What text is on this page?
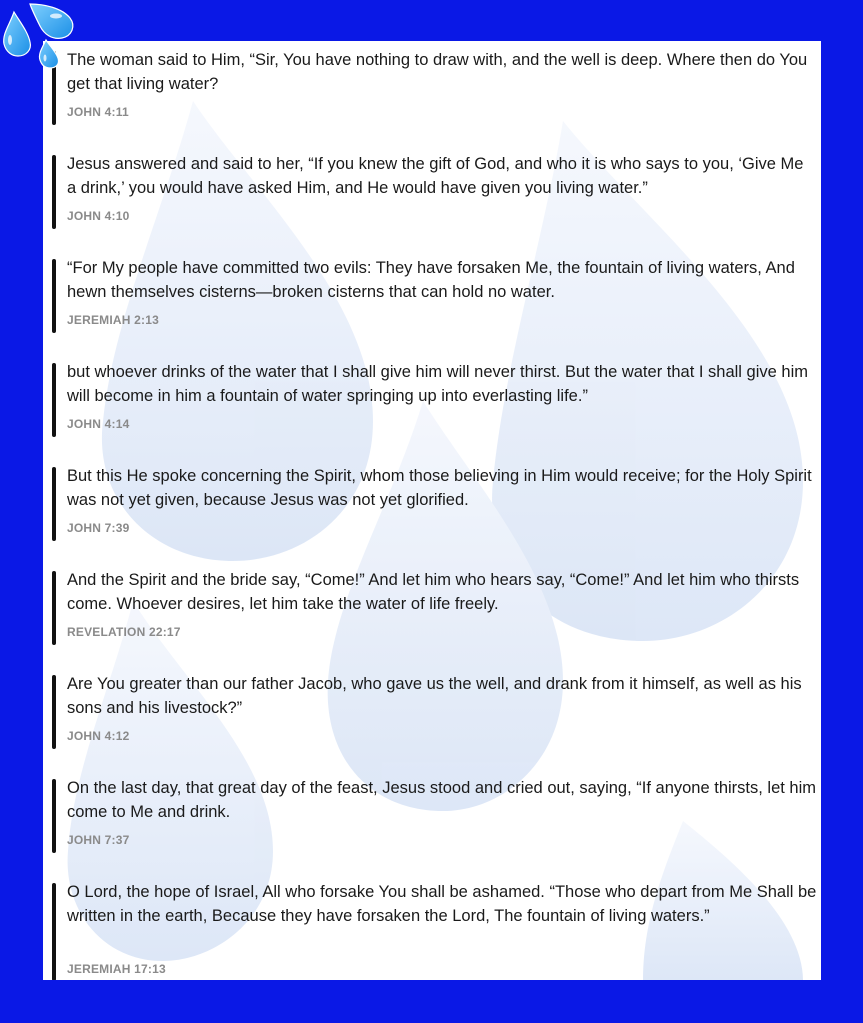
The woman said to Him, “Sir, You have nothing to draw with, and the well is deep. Where then do You get that living water?
JOHN 4:11
Jesus answered and said to her, “If you knew the gift of God, and who it is who says to you, ‘Give Me a drink,’ you would have asked Him, and He would have given you living water.”
JOHN 4:10
“For My people have committed two evils: They have forsaken Me, the fountain of living waters, And hewn themselves cisterns—broken cisterns that can hold no water.
JEREMIAH 2:13
but whoever drinks of the water that I shall give him will never thirst. But the water that I shall give him will become in him a fountain of water springing up into everlasting life.”
JOHN 4:14
But this He spoke concerning the Spirit, whom those believing in Him would receive; for the Holy Spirit was not yet given, because Jesus was not yet glorified.
JOHN 7:39
And the Spirit and the bride say, “Come!” And let him who hears say, “Come!” And let him who thirsts come. Whoever desires, let him take the water of life freely.
REVELATION 22:17
Are You greater than our father Jacob, who gave us the well, and drank from it himself, as well as his sons and his livestock?”
JOHN 4:12
On the last day, that great day of the feast, Jesus stood and cried out, saying, “If anyone thirsts, let him come to Me and drink.
JOHN 7:37
O Lord, the hope of Israel, All who forsake You shall be ashamed. “Those who depart from Me Shall be written in the earth, Because they have forsaken the Lord, The fountain of living waters.”
JEREMIAH 17:13
